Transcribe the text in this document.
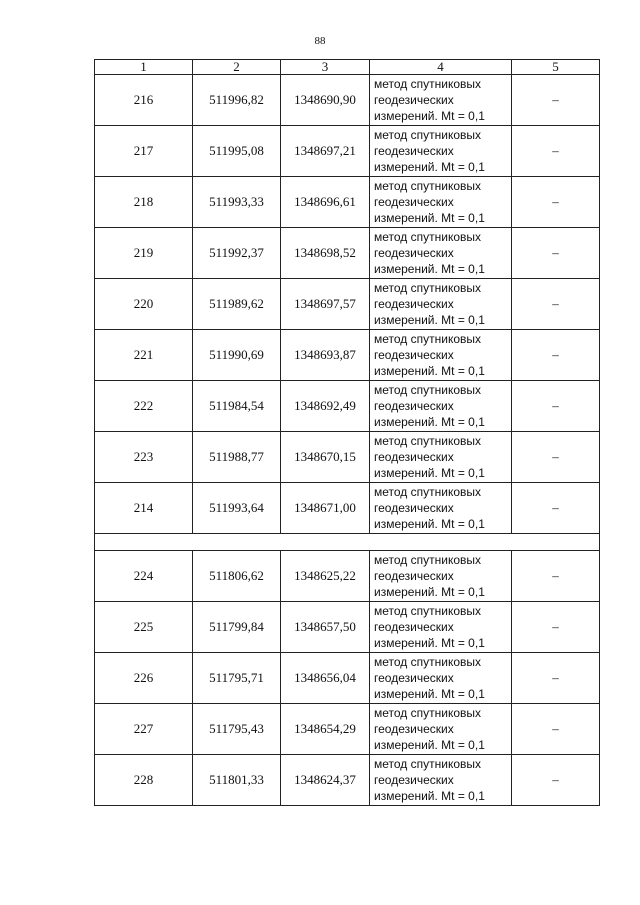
88
1	2	3	4	5
216	511996,82	1348690,90	метод спутниковых
геодезических
измерений. Mt = 0,1	–
217	511995,08	1348697,21	метод спутниковых
геодезических
измерений. Mt = 0,1	–
218	511993,33	1348696,61	метод спутниковых
геодезических
измерений. Mt = 0,1	–
219	511992,37	1348698,52	метод спутниковых
геодезических
измерений. Mt = 0,1	–
220	511989,62	1348697,57	метод спутниковых
геодезических
измерений. Mt = 0,1	–
221	511990,69	1348693,87	метод спутниковых
геодезических
измерений. Mt = 0,1	–
222	511984,54	1348692,49	метод спутниковых
геодезических
измерений. Mt = 0,1	–
223	511988,77	1348670,15	метод спутниковых
геодезических
измерений. Mt = 0,1	–
214	511993,64	1348671,00	метод спутниковых
геодезических
измерений. Mt = 0,1	–

224	511806,62	1348625,22	метод спутниковых
геодезических
измерений. Mt = 0,1	–
225	511799,84	1348657,50	метод спутниковых
геодезических
измерений. Mt = 0,1	–
226	511795,71	1348656,04	метод спутниковых
геодезических
измерений. Mt = 0,1	–
227	511795,43	1348654,29	метод спутниковых
геодезических
измерений. Mt = 0,1	–
228	511801,33	1348624,37	метод спутниковых
геодезических
измерений. Mt = 0,1	–
